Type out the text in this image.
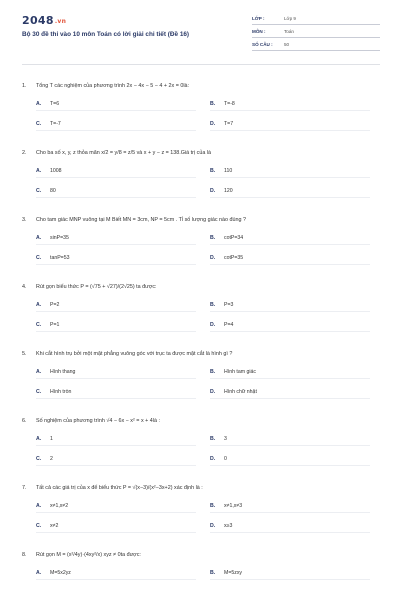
2048.vn
Bộ 30 đề thi vào 10 môn Toán có lời giải chi tiết (Đề 16)
LỚP :	Lớp 9
MÔN :	Toán
SỐ CÂU :	50
1.	Tổng T các nghiệm của phương trình 2x − 4x − 5 − 4 + 2x = 0là:
A.	T=6	B.	T=-8
C.	T=-7	D.	T=7
2.	Cho ba số x, y, z thỏa mãn x/2 = y/8 = z/5 và x + y − z = 138.Giá trị của là
A.	1008	B.	110
C.	80	D.	120
3.	Cho tam giác MNP vuông tại M Biết MN = 3cm, NP = 5cm . Tỉ số lượng giác nào đúng ?
A.	sinP=35	B.	cotP=34
C.	tanP=53	D.	cotP=35
4.	Rút gọn biểu thức P = (√75 + √27)/(2√25) ta được:
A.	P=2	B.	P=3
C.	P=1	D.	P=4
5.	Khi cắt hình trụ bởi một mặt phẳng vuông góc với trục ta được mặt cắt là hình gì ?
A.	Hình thang	B.	Hình tam giác
C.	Hình tròn	D.	Hình chữ nhật
6.	Số nghiệm của phương trình √4 − 6x − x² = x + 4là :
A.	1	B.	3
C.	2	D.	0
7.	Tất cả các giá trị của x để biểu thức P = √(x−3)/(x²−3x+2) xác định là :
A.	x≠1,x≠2	B.	x≠1,x≠3
C.	x≠2	D.	x≥3
8.	Rút gọn M = (x²/4y)·(4xy²/x) xyz ≠ 0ta được:
A.	M=5x2yz	B.	M=5zxy
